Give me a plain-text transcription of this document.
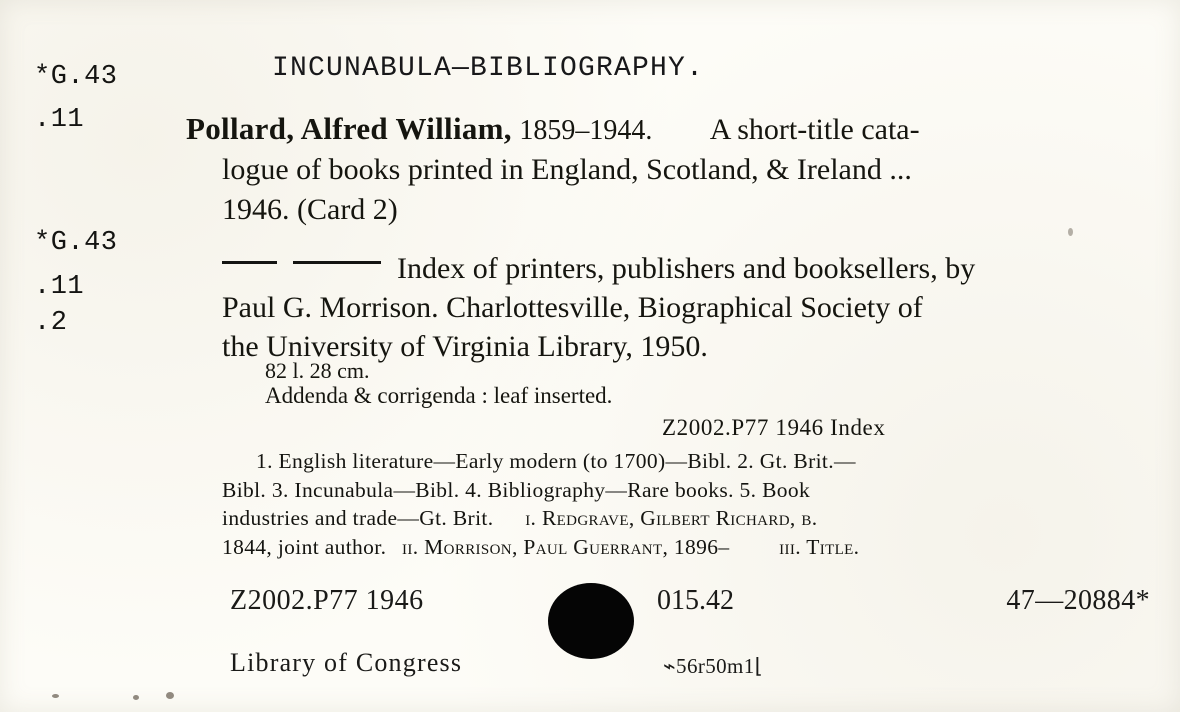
*G.43
.11
*G.43
.11
.2
INCUNABULA—BIBLIOGRAPHY.
Pollard, Alfred William, 1859–1944. A short-title cata-
logue of books printed in England, Scotland, & Ireland ...
1946. (Card 2)
Index of printers, publishers and booksellers, by
Paul G. Morrison. Charlottesville, Biographical Society of
the University of Virginia Library, 1950.
82 l. 28 cm.
Addenda & corrigenda : leaf inserted.
Z2002.P77 1946 Index
1. English literature—Early modern (to 1700)—Bibl. 2. Gt. Brit.—
Bibl. 3. Incunabula—Bibl. 4. Bibliography—Rare books. 5. Book
industries and trade—Gt. Brit. i. Redgrave, Gilbert Richard, b.
1844, joint author. ii. Morrison, Paul Guerrant, 1896– iii. Title.
Z2002.P77 1946	015.42	47—20884*
Library of Congress	⌁56r50m1⌊
